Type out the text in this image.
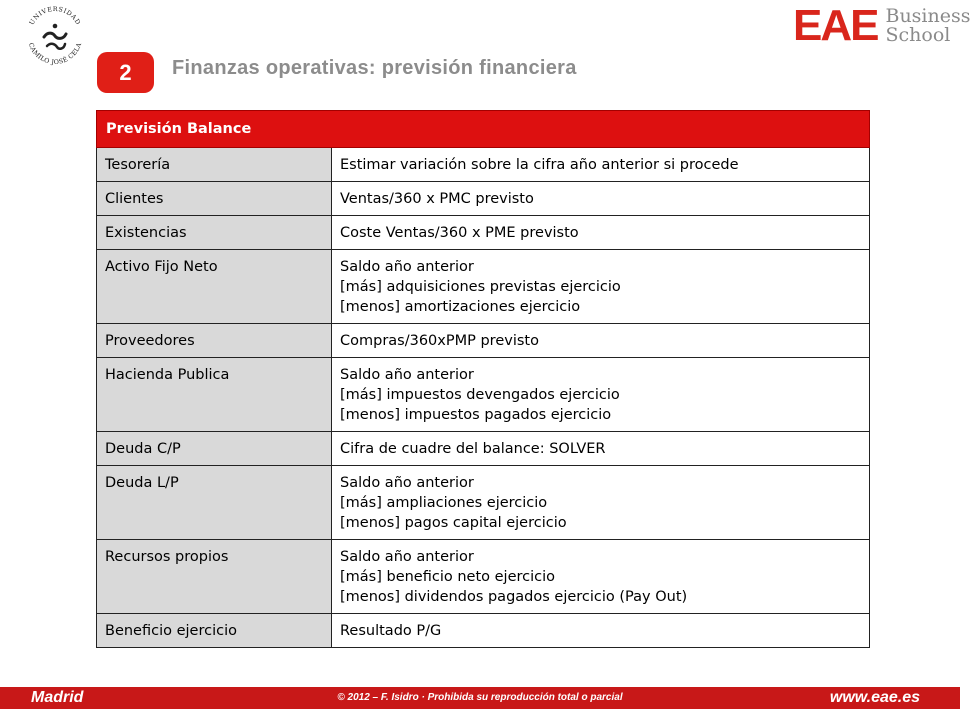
UNIVERSIDAD
CAMILO JOSÉ CELA	EAE Business
School
2	Finanzas operativas: previsión financiera
Previsión Balance	
Tesorería	Estimar variación sobre la cifra año anterior si procede

Clientes	Ventas/360 x PMC previsto

Existencias	Coste Ventas/360 x PME previsto

Activo Fijo Neto	Saldo año anterior
[más] adquisiciones previstas ejercicio
[menos] amortizaciones ejercicio

Proveedores	Compras/360xPMP previsto

Hacienda Publica	Saldo año anterior
[más] impuestos devengados ejercicio
[menos] impuestos pagados ejercicio

Deuda C/P	Cifra de cuadre del balance: SOLVER

Deuda L/P	Saldo año anterior
[más] ampliaciones ejercicio
[menos] pagos capital ejercicio

Recursos propios	Saldo año anterior
[más] beneficio neto ejercicio
[menos] dividendos pagados ejercicio (Pay Out)

Beneficio ejercicio	Resultado P/G
Madrid	© 2012 – F. Isidro · Prohibida su reproducción total o parcial	www.eae.es
